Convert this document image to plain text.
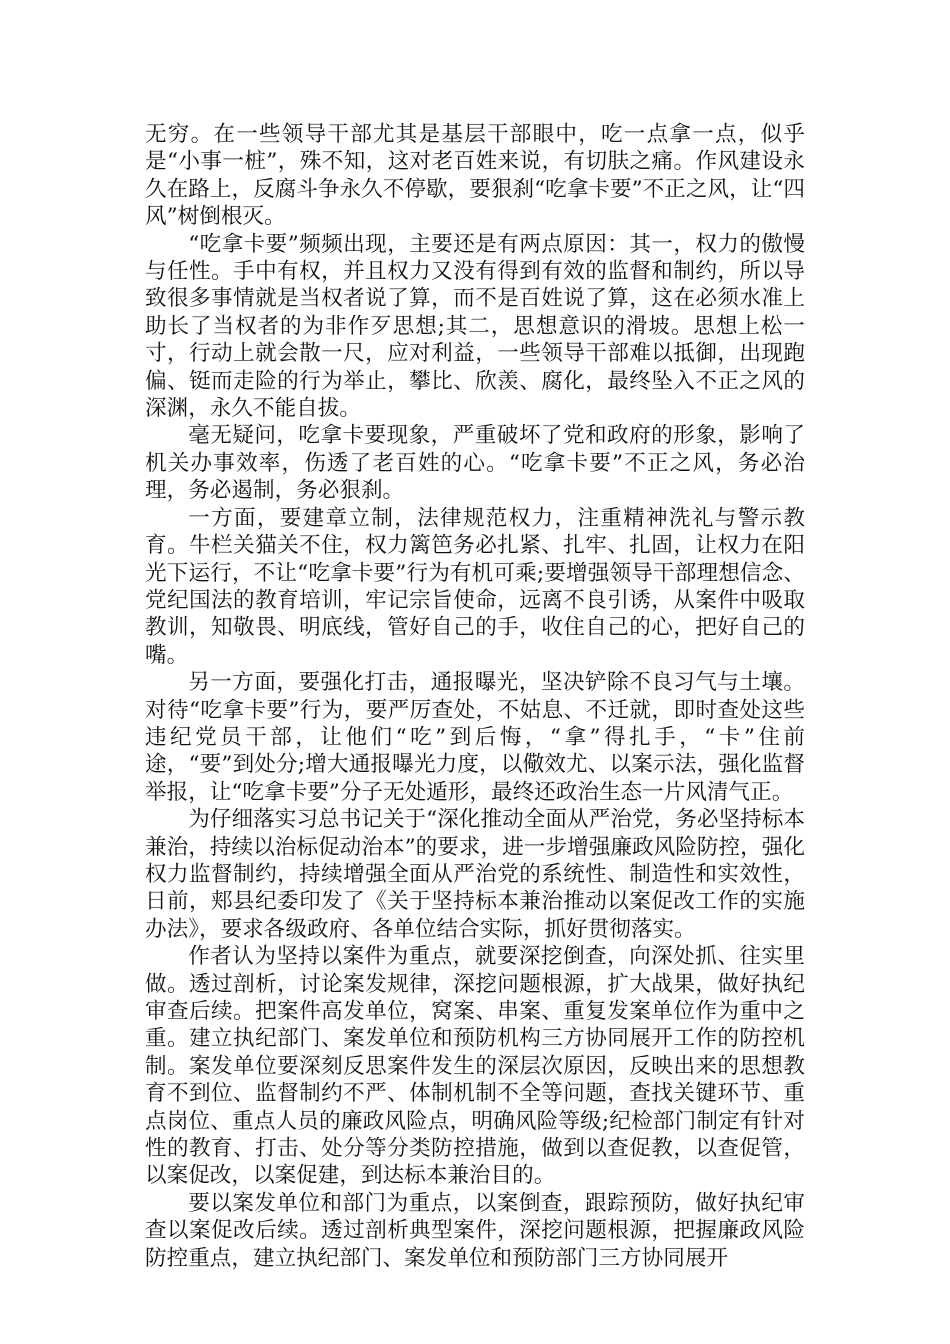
无穷。在一些领导干部尤其是基层干部眼中，吃一点拿一点，似乎是“小事一桩”，殊不知，这对老百姓来说，有切肤之痛。作风建设永久在路上，反腐斗争永久不停歇，要狠刹“吃拿卡要”不正之风，让“四风”树倒根灭。

“吃拿卡要”频频出现，主要还是有两点原因：其一，权力的傲慢与任性。手中有权，并且权力又没有得到有效的监督和制约，所以导致很多事情就是当权者说了算，而不是百姓说了算，这在必须水准上助长了当权者的为非作歹思想;其二，思想意识的滑坡。思想上松一寸，行动上就会散一尺，应对利益，一些领导干部难以抵御，出现跑偏、铤而走险的行为举止，攀比、欣羡、腐化，最终坠入不正之风的深渊，永久不能自拔。

毫无疑问，吃拿卡要现象，严重破坏了党和政府的形象，影响了机关办事效率，伤透了老百姓的心。“吃拿卡要”不正之风，务必治理，务必遏制，务必狠刹。

一方面，要建章立制，法律规范权力，注重精神洗礼与警示教育。牛栏关猫关不住，权力篱笆务必扎紧、扎牢、扎固，让权力在阳光下运行，不让“吃拿卡要”行为有机可乘;要增强领导干部理想信念、党纪国法的教育培训，牢记宗旨使命，远离不良引诱，从案件中吸取教训，知敬畏、明底线，管好自己的手，收住自己的心，把好自己的嘴。

另一方面，要强化打击，通报曝光，坚决铲除不良习气与土壤。对待“吃拿卡要”行为，要严厉查处，不姑息、不迁就，即时查处这些违纪党员干部，让他们“吃”到后悔，“拿”得扎手，“卡”住前途，“要”到处分;增大通报曝光力度，以儆效尤、以案示法，强化监督举报，让“吃拿卡要”分子无处遁形，最终还政治生态一片风清气正。

为仔细落实习总书记关于“深化推动全面从严治党，务必坚持标本兼治，持续以治标促动治本”的要求，进一步增强廉政风险防控，强化权力监督制约，持续增强全面从严治党的系统性、制造性和实效性，日前，郏县纪委印发了《关于坚持标本兼治推动以案促改工作的实施办法》，要求各级政府、各单位结合实际，抓好贯彻落实。

作者认为坚持以案件为重点，就要深挖倒查，向深处抓、往实里做。透过剖析，讨论案发规律，深挖问题根源，扩大战果，做好执纪审查后续。把案件高发单位，窝案、串案、重复发案单位作为重中之重。建立执纪部门、案发单位和预防机构三方协同展开工作的防控机制。案发单位要深刻反思案件发生的深层次原因，反映出来的思想教育不到位、监督制约不严、体制机制不全等问题，查找关键环节、重点岗位、重点人员的廉政风险点，明确风险等级;纪检部门制定有针对性的教育、打击、处分等分类防控措施，做到以查促教，以查促管，以案促改，以案促建，到达标本兼治目的。

要以案发单位和部门为重点，以案倒查，跟踪预防，做好执纪审查以案促改后续。透过剖析典型案件，深挖问题根源，把握廉政风险防控重点，建立执纪部门、案发单位和预防部门三方协同展开
